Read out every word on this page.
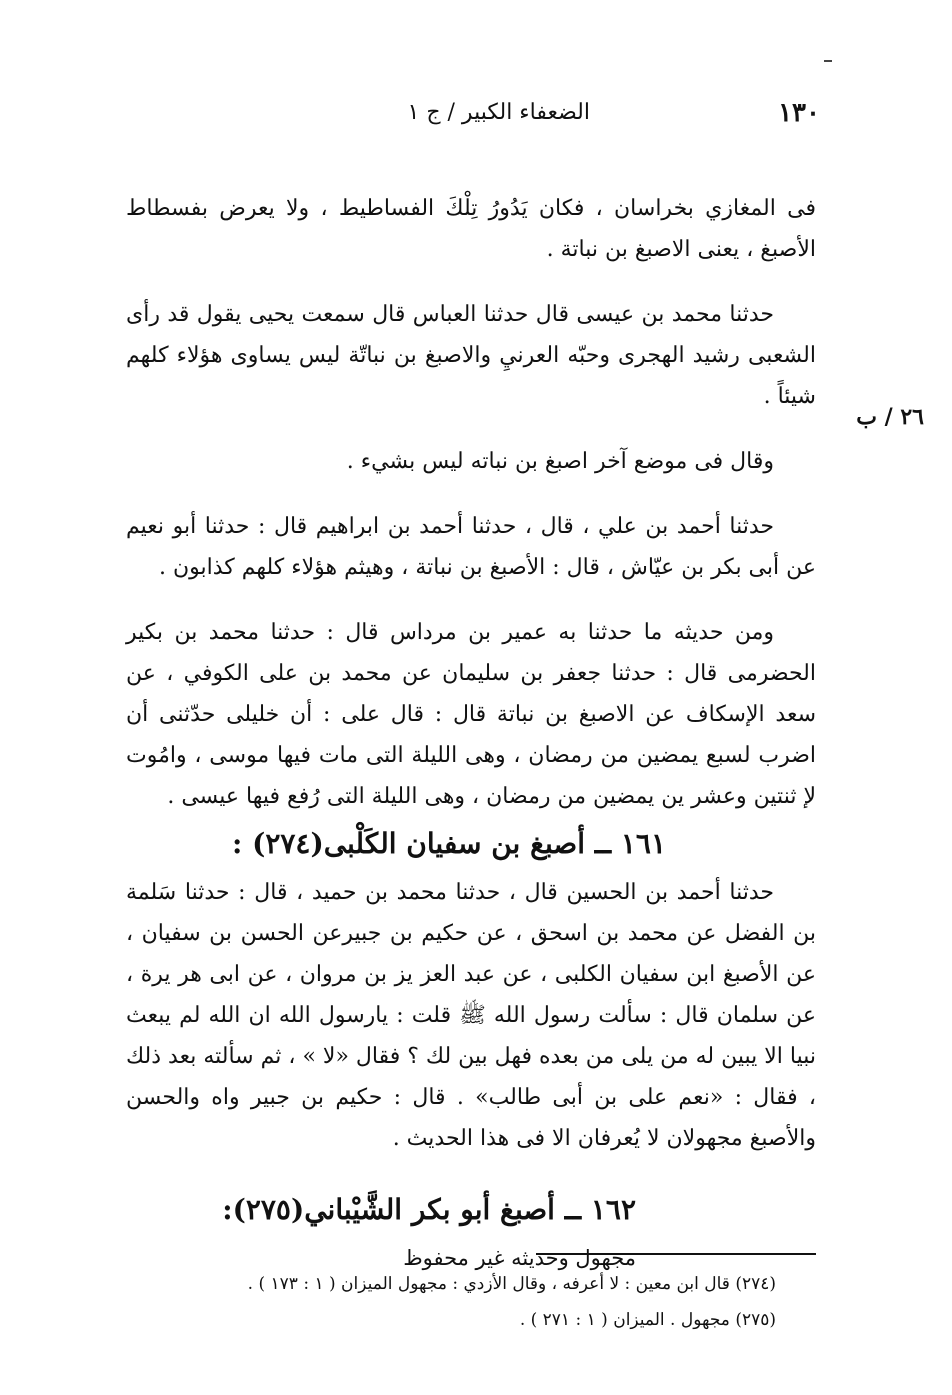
١٣٠
الضعفاء الكبير / ج ١
٢٦ / ب

فى المغازي بخراسان ، فكان يَدُورُ تِلْكَ الفساطيط ، ولا يعرض بفسطاط الأصبغ ، يعنى الاصبغ بن نباتة .

حدثنا محمد بن عيسى قال حدثنا العباس قال سمعت يحيى يقول قد رأى الشعبى رشيد الهجرى وحبّه العرنيِ والاصبغ بن نباتّة ليس يساوى هؤلاء كلهم شيئاً .

وقال فى موضع آخر اصبغ بن نباته ليس بشيء .

حدثنا أحمد بن علي ، قال ، حدثنا أحمد بن ابراهيم قال : حدثنا أبو نعيم عن أبى بكر بن عيّاش ، قال : الأصبغ بن نباتة ، وهيثم هؤلاء كلهم كذابون .

ومن حديثه ما حدثنا به عمير بن مرداس قال : حدثنا محمد بن بكير الحضرمى قال : حدثنا جعفر بن سليمان عن محمد بن على الكوفي ، عن سعد الإسكاف عن الاصبغ بن نباتة قال : قال على : أن خليلى حدّثنى أن اضرب لسبع يمضين من رمضان ، وهى الليلة التى مات فيها موسى ، وامُوت لإ ثنتين وعشر ين يمضين من رمضان ، وهى الليلة التى رُفع فيها عيسى .

١٦١ ــ أصبغ بن سفيان الكَلْبى(٢٧٤) :

حدثنا أحمد بن الحسين قال ، حدثنا محمد بن حميد ، قال : حدثنا سَلمة بن الفضل عن محمد بن اسحق ، عن حكيم بن جبيرعن الحسن بن سفيان ، عن الأصبغ ابن سفيان الكلبى ، عن عبد العز يز بن مروان ، عن ابى هر يرة ، عن سلمان قال : سألت رسول الله ﷺ قلت : يارسول الله ان الله لم يبعث نبيا الا يبين له من يلى من بعده فهل بين لك ؟ فقال «لا » ، ثم سألته بعد ذلك ، فقال : «نعم على بن أبى طالب» . قال : حكيم بن جبير واه والحسن والأصبغ مجهولان لا يُعرفان الا فى هذا الحديث .

١٦٢ ــ أصبغ أبو بكر الشَّيْباني(٢٧٥):

مجهول وحديثه غير محفوظ

(٢٧٤) قال ابن معين : لا أعرفه ، وقال الأزدي : مجهول الميزان ( ١ : ١٧٣ ) .

(٢٧٥) مجهول . الميزان ( ١ : ٢٧١ ) .
